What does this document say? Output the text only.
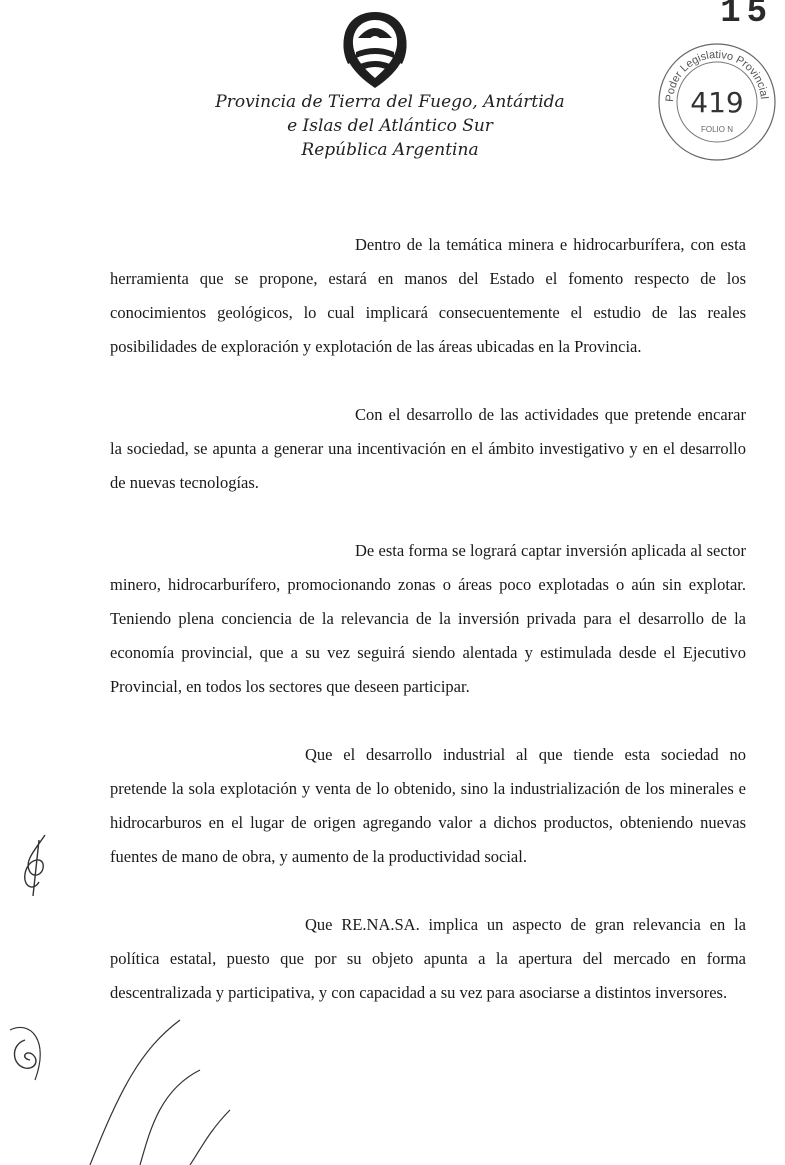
15
Provincia de Tierra del Fuego, Antártida
e Islas del Atlántico Sur
República Argentina
Poder Legislativo Provincial
419
FOLIO N

Dentro de la temática minera e hidrocarburífera, con esta herramienta que se propone, estará en manos del Estado el fomento respecto de los conocimientos geológicos, lo cual implicará consecuentemente el estudio de las reales posibilidades de exploración y explotación de las áreas ubicadas en la Provincia.

Con el desarrollo de las actividades que pretende encarar la sociedad, se apunta a generar una incentivación en el ámbito investigativo y en el desarrollo de nuevas tecnologías.

De esta forma se logrará captar inversión aplicada al sector minero, hidrocarburífero, promocionando zonas o áreas poco explotadas o aún sin explotar. Teniendo plena conciencia de la relevancia de la inversión privada para el desarrollo de la economía provincial, que a su vez seguirá siendo alentada y estimulada desde el Ejecutivo Provincial, en todos los sectores que deseen participar.

Que el desarrollo industrial al que tiende esta sociedad no pretende la sola explotación y venta de lo obtenido, sino la industrialización de los minerales e hidrocarburos en el lugar de origen agregando valor a dichos productos, obteniendo nuevas fuentes de mano de obra, y aumento de la productividad social.

Que RE.NA.SA. implica un aspecto de gran relevancia en la política estatal, puesto que por su objeto apunta a la apertura del mercado en forma descentralizada y participativa, y con capacidad a su vez para asociarse a distintos inversores.
